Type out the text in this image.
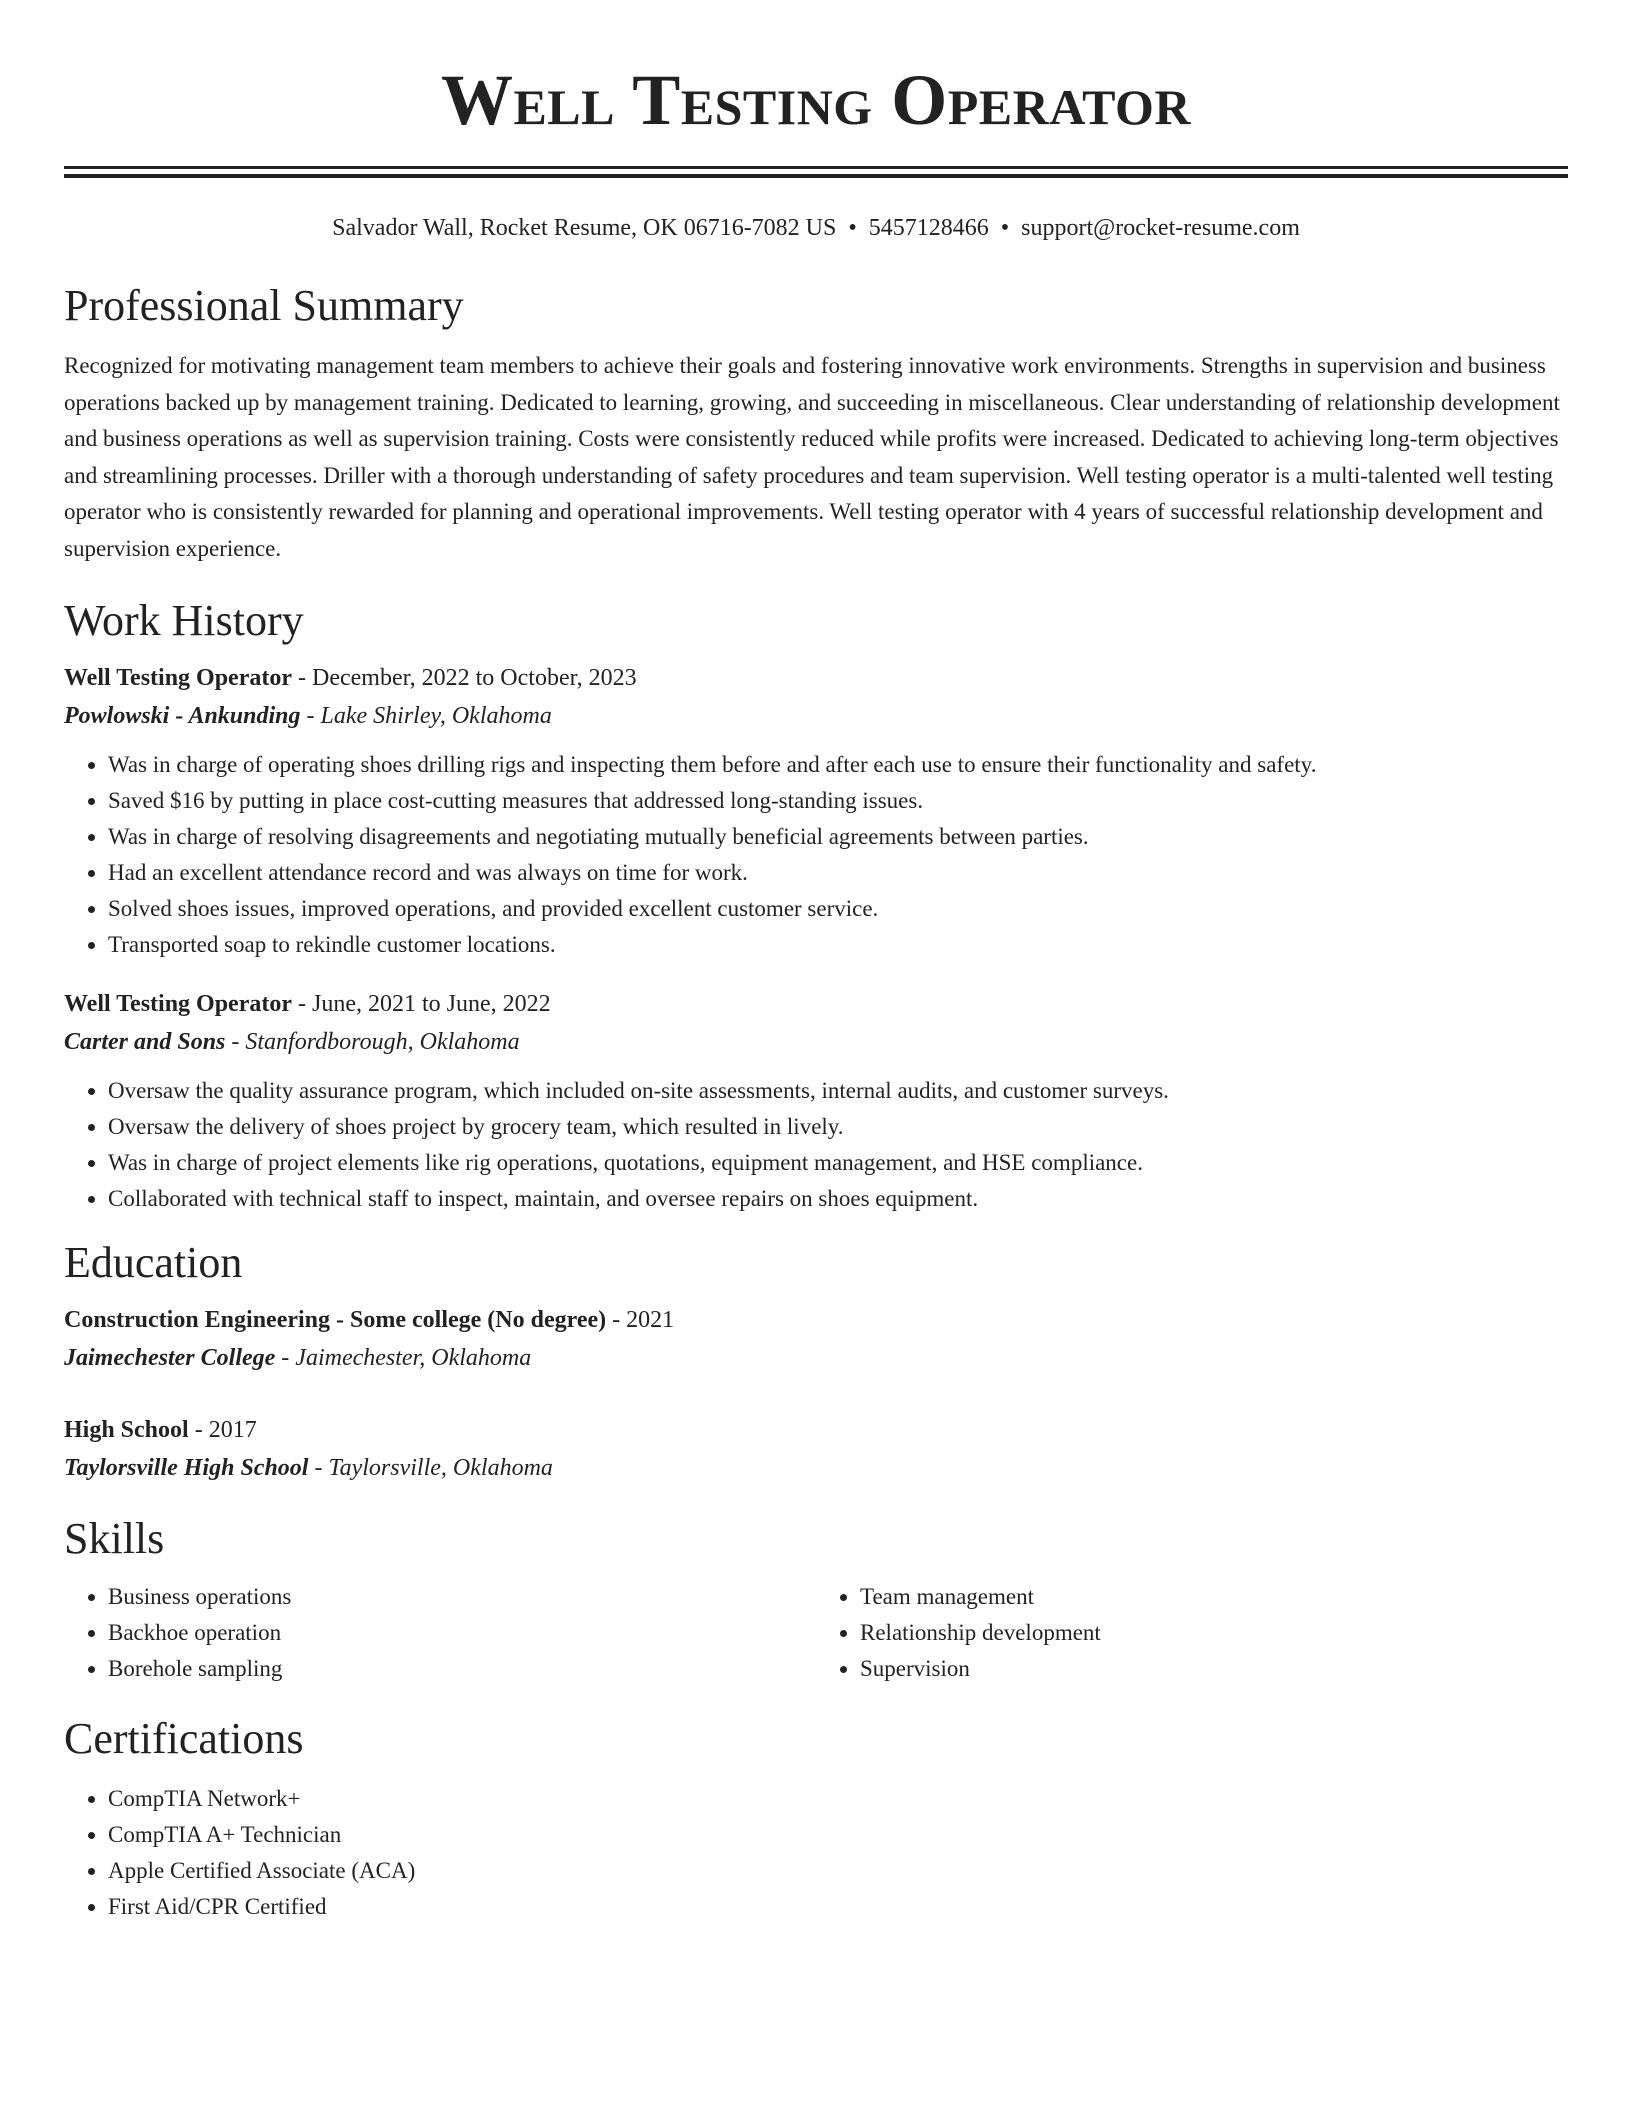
Well Testing Operator
Salvador Wall, Rocket Resume, OK 06716-7082 US • 5457128466 • support@rocket-resume.com
Professional Summary
Recognized for motivating management team members to achieve their goals and fostering innovative work environments. Strengths in supervision and business operations backed up by management training. Dedicated to learning, growing, and succeeding in miscellaneous. Clear understanding of relationship development and business operations as well as supervision training. Costs were consistently reduced while profits were increased. Dedicated to achieving long-term objectives and streamlining processes. Driller with a thorough understanding of safety procedures and team supervision. Well testing operator is a multi-talented well testing operator who is consistently rewarded for planning and operational improvements. Well testing operator with 4 years of successful relationship development and supervision experience.
Work History
Well Testing Operator - December, 2022 to October, 2023
Powlowski - Ankunding - Lake Shirley, Oklahoma
• Was in charge of operating shoes drilling rigs and inspecting them before and after each use to ensure their functionality and safety.
• Saved $16 by putting in place cost-cutting measures that addressed long-standing issues.
• Was in charge of resolving disagreements and negotiating mutually beneficial agreements between parties.
• Had an excellent attendance record and was always on time for work.
• Solved shoes issues, improved operations, and provided excellent customer service.
• Transported soap to rekindle customer locations.
Well Testing Operator - June, 2021 to June, 2022
Carter and Sons - Stanfordborough, Oklahoma
• Oversaw the quality assurance program, which included on-site assessments, internal audits, and customer surveys.
• Oversaw the delivery of shoes project by grocery team, which resulted in lively.
• Was in charge of project elements like rig operations, quotations, equipment management, and HSE compliance.
• Collaborated with technical staff to inspect, maintain, and oversee repairs on shoes equipment.
Education
Construction Engineering - Some college (No degree) - 2021
Jaimechester College - Jaimechester, Oklahoma
High School - 2017
Taylorsville High School - Taylorsville, Oklahoma
Skills
• Business operations
• Backhoe operation
• Borehole sampling
• Team management
• Relationship development
• Supervision
Certifications
• CompTIA Network+
• CompTIA A+ Technician
• Apple Certified Associate (ACA)
• First Aid/CPR Certified
